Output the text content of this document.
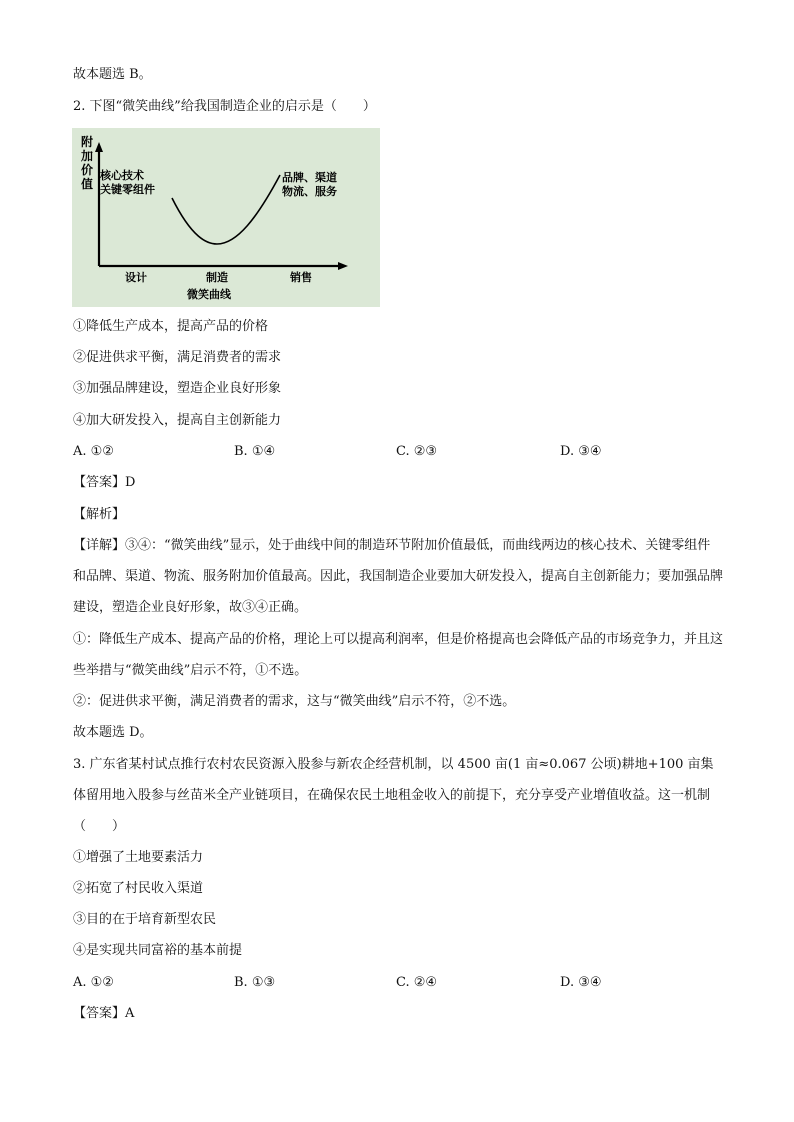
故本题选 B。
2. 下图“微笑曲线”给我国制造企业的启示是（　　）
附 加 价 值
核心技术
关键零组件
品牌、渠道
物流、服务
设计	制造	销售
微笑曲线
①降低生产成本，提高产品的价格
②促进供求平衡，满足消费者的需求
③加强品牌建设，塑造企业良好形象
④加大研发投入，提高自主创新能力
A. ①②	B. ①④	C. ②③	D. ③④
【答案】D
【解析】
【详解】③④：“微笑曲线”显示，处于曲线中间的制造环节附加价值最低，而曲线两边的核心技术、关键零组件和品牌、渠道、物流、服务附加价值最高。因此，我国制造企业要加大研发投入，提高自主创新能力；要加强品牌建设，塑造企业良好形象，故③④正确。
①：降低生产成本、提高产品的价格，理论上可以提高利润率，但是价格提高也会降低产品的市场竞争力，并且这些举措与“微笑曲线”启示不符，①不选。
②：促进供求平衡，满足消费者的需求，这与“微笑曲线”启示不符，②不选。
故本题选 D。
3. 广东省某村试点推行农村农民资源入股参与新农企经营机制，以 4500 亩(1 亩≈0.067 公顷)耕地+100 亩集体留用地入股参与丝苗米全产业链项目，在确保农民土地租金收入的前提下，充分享受产业增值收益。这一机制（　　）
①增强了土地要素活力
②拓宽了村民收入渠道
③目的在于培育新型农民
④是实现共同富裕的基本前提
A. ①②	B. ①③	C. ②④	D. ③④
【答案】A
